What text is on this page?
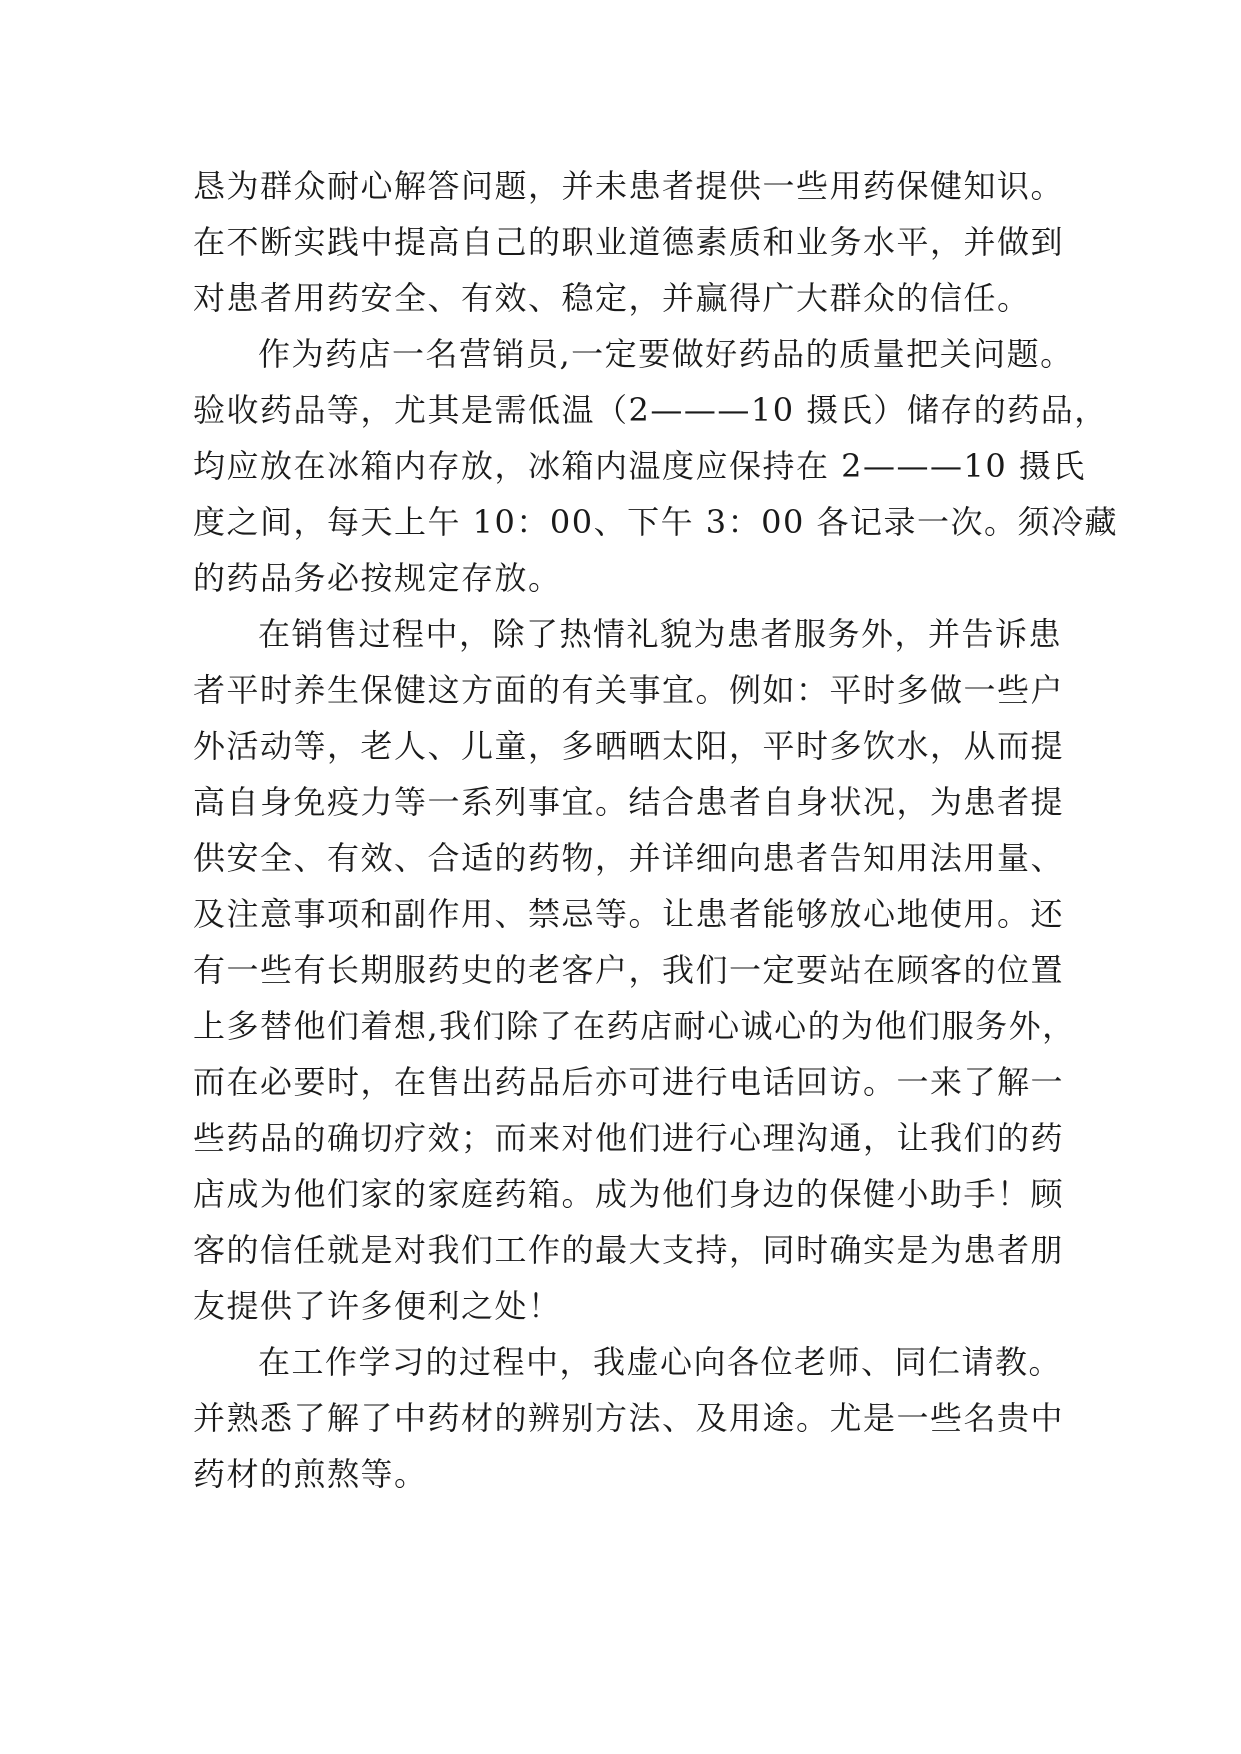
恳为群众耐心解答问题，并未患者提供一些用药保健知识。
在不断实践中提高自己的职业道德素质和业务水平，并做到
对患者用药安全、有效、稳定，并赢得广大群众的信任。
作为药店一名营销员,一定要做好药品的质量把关问题。
验收药品等，尤其是需低温（2———10 摄氏）储存的药品，
均应放在冰箱内存放，冰箱内温度应保持在 2———10 摄氏
度之间，每天上午 10：00、下午 3：00 各记录一次。须冷藏
的药品务必按规定存放。
在销售过程中，除了热情礼貌为患者服务外，并告诉患
者平时养生保健这方面的有关事宜。例如：平时多做一些户
外活动等，老人、儿童，多晒晒太阳，平时多饮水，从而提
高自身免疫力等一系列事宜。结合患者自身状况，为患者提
供安全、有效、合适的药物，并详细向患者告知用法用量、
及注意事项和副作用、禁忌等。让患者能够放心地使用。还
有一些有长期服药史的老客户，我们一定要站在顾客的位置
上多替他们着想,我们除了在药店耐心诚心的为他们服务外，
而在必要时，在售出药品后亦可进行电话回访。一来了解一
些药品的确切疗效；而来对他们进行心理沟通，让我们的药
店成为他们家的家庭药箱。成为他们身边的保健小助手！顾
客的信任就是对我们工作的最大支持，同时确实是为患者朋
友提供了许多便利之处！
在工作学习的过程中，我虚心向各位老师、同仁请教。
并熟悉了解了中药材的辨别方法、及用途。尤是一些名贵中
药材的煎熬等。
